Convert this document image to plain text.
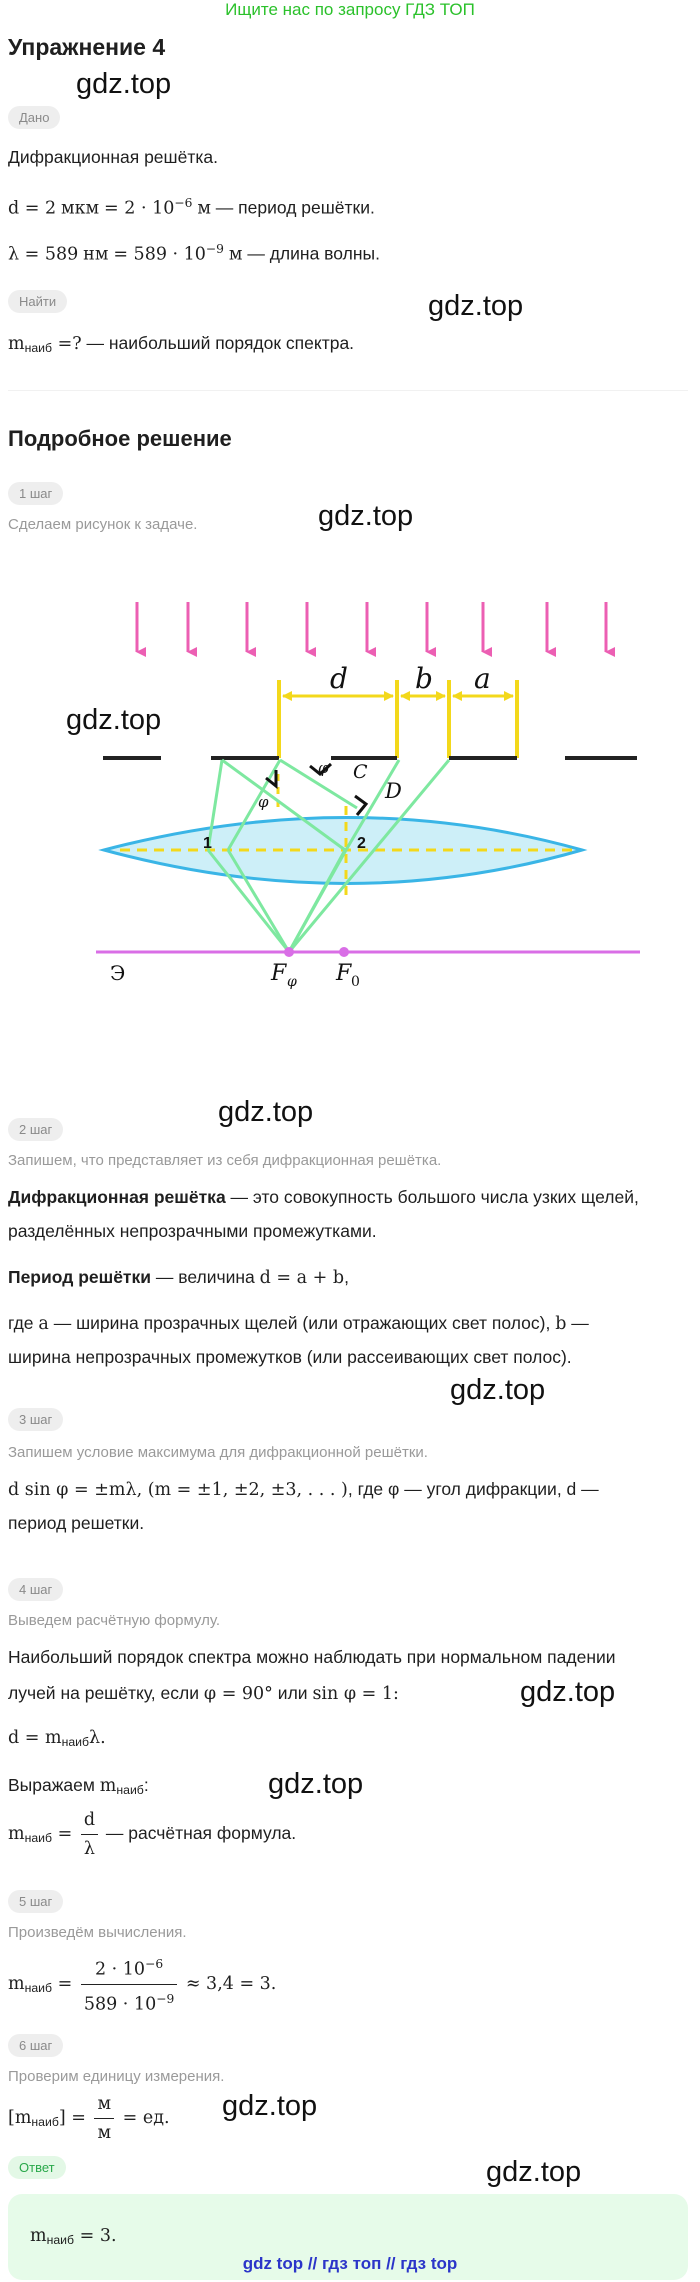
Ищите нас по запросу ГДЗ ТОП
Упражнение 4
gdz.top
Дано
Дифракционная решётка.
d = 2 мкм = $2 \cdot 10^{-6}$ м — период решётки.
λ = 589 нм = $589 \cdot 10^{-9}$ м — длина волны.
Найти	gdz.top
$m_{наиб}$ =? — наибольший порядок спектра.
Подробное решение
1 шаг
gdz.top
Сделаем рисунок к задаче.
d b a
φ
φ
C
D
1	2
Э	F φ F 0
gdz.top
2 шаг
gdz.top
Запишем, что представляет из себя дифракционная решётка.
Дифракционная решётка — это совокупность большого числа узких щелей,
разделённых непрозрачными промежутками.
Период решётки — величина d = a + b,
где a — ширина прозрачных щелей (или отражающих свет полос), b —
ширина непрозрачных промежутков (или рассеивающих свет полос).
gdz.top
3 шаг
Запишем условие максимума для дифракционной решётки.
d sin φ = ±mλ, (m = ±1, ±2, ±3, . . . ), где φ — угол дифракции, d —
период решетки.
4 шаг
Выведем расчётную формулу.
Наибольший порядок спектра можно наблюдать при нормальном падении
лучей на решётку, если φ = 90° или sin φ = 1:	gdz.top
$d = m_{наиб}\lambda$.
Выражаем $m_{наиб}$:	gdz.top
$m_{наиб} = \frac{d}{\lambda}$ — расчётная формула.
5 шаг
Произведём вычисления.
$m_{наиб} = \frac{2 \cdot 10^{-6}}{589 \cdot 10^{-9}} \approx 3,4 = 3$.
6 шаг
Проверим единицу измерения.
$[m_{наиб}] = \frac{м}{м}$ = ед. gdz.top
Ответ	gdz.top
$m_{наиб} = 3$.
gdz top // гдз топ // гдз top
